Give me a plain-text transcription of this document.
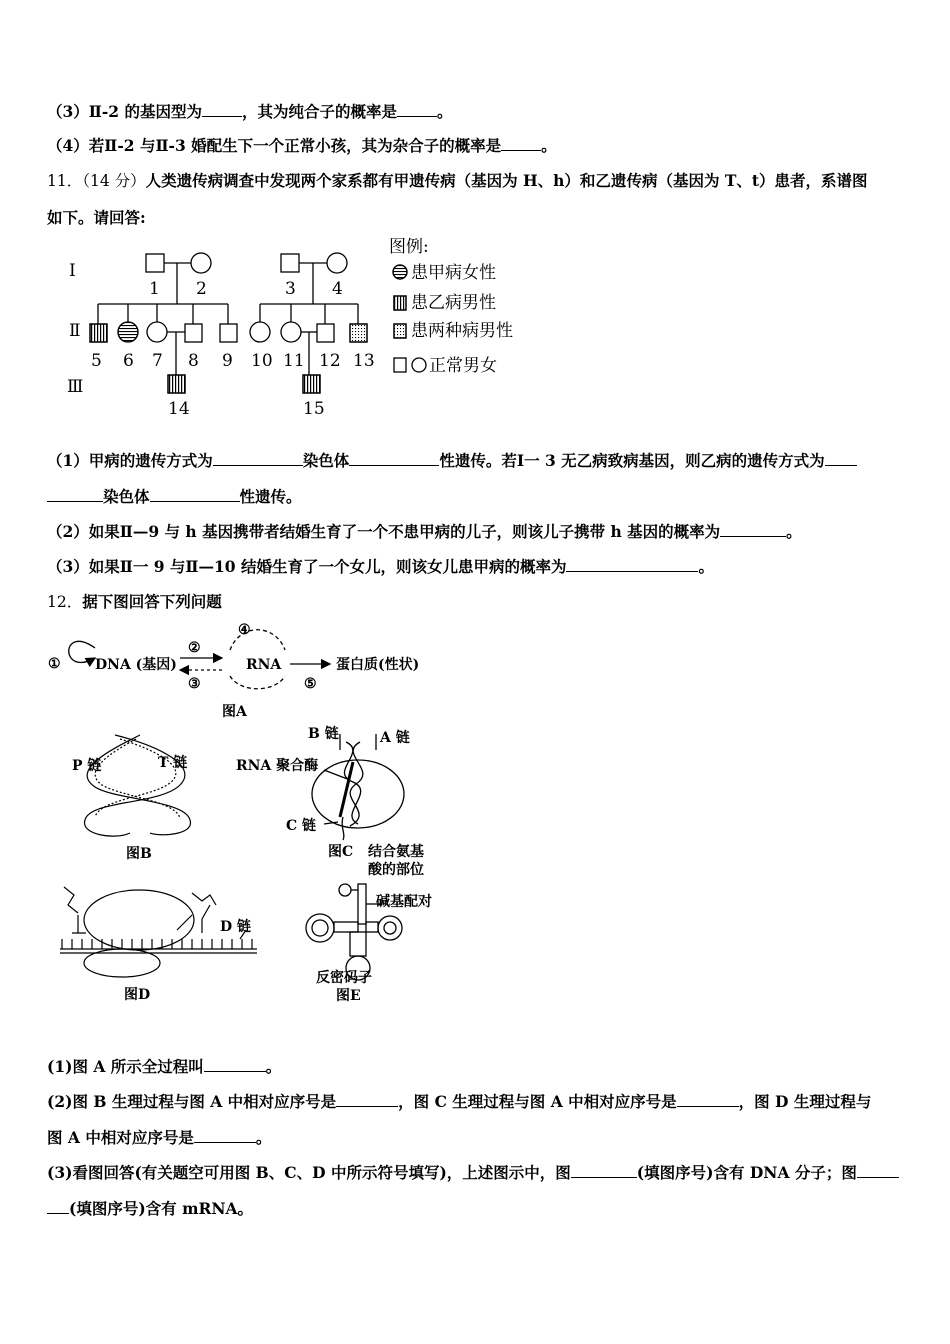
（3）Ⅱ-2 的基因型为	，其为纯合子的概率是	。
（4）若Ⅱ-2 与Ⅱ-3 婚配生下一个正常小孩，其为杂合子的概率是	。
11．（14 分）人类遗传病调查中发现两个家系都有甲遗传病（基因为 H、h）和乙遗传病（基因为 T、t）患者，系谱图
如下。请回答:
Ⅰ
Ⅱ
Ⅲ
1 2	3 4
5 6 7 8 9 10 11 12 13
14	15
图例:
患甲病女性
患乙病男性
患两种病男性
正常男女
（1）甲病的遗传方式为	染色体	性遗传。若Ⅰ一 3 无乙病致病基因，则乙病的遗传方式为
染色体	性遗传。
（2）如果Ⅱ—9 与 h 基因携带者结婚生育了一个不患甲病的儿子，则该儿子携带 h 基因的概率为	。
（3）如果Ⅱ一 9 与Ⅱ—10 结婚生育了一个女儿，则该女儿患甲病的概率为	。
12．据下图回答下列问题
① DNA (基因)
②
③
④
RNA
⑤
蛋白质(性状)
图A
P 链	T 链
图B
B 链	A 链
RNA 聚合酶
C 链
图C
D 链
图D
结合氨基
酸的部位
碱基配对
反密码子
图E
(1)图 A 所示全过程叫	。
(2)图 B 生理过程与图 A 中相对应序号是	，图 C 生理过程与图 A 中相对应序号是	，图 D 生理过程与
图 A 中相对应序号是	。
(3)看图回答(有关题空可用图 B、C、D 中所示符号填写)，上述图示中，图	(填图序号)含有 DNA 分子；图
(填图序号)含有 mRNA。
